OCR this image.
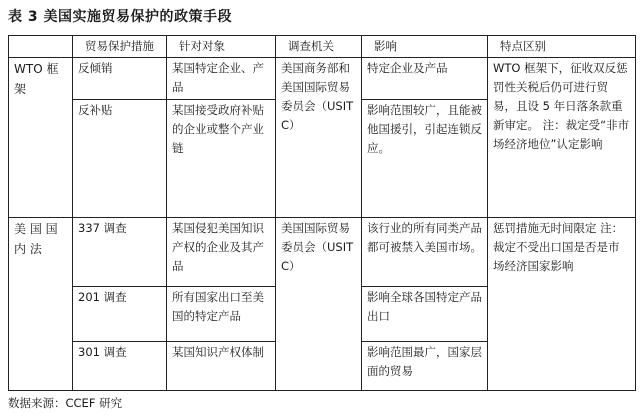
表 3 美国实施贸易保护的政策手段
	贸易保护措施	针对对象	调查机关	影响	特点区别
WTO 框架	反倾销	某国特定企业、产品	美国商务部和美国国际贸易委员会（USITC）	特定企业及产品	WTO 框架下，征收双反惩罚性关税后仍可进行贸易，且设 5 年日落条款重新审定。 注：裁定受“非市场经济地位”认定影响
	反补贴	某国接受政府补贴的企业或整个产业链		影响范围较广，且能被他国援引，引起连锁反应。	
美 国 国 内 法	337 调查	某国侵犯美国知识产权的企业及其产品	美国国际贸易委员会（USITC）	该行业的所有同类产品都可被禁入美国市场。	惩罚措施无时间限定 注：裁定不受出口国是否是市场经济国家影响
	201 调查	所有国家出口至美国的特定产品		影响全球各国特定产品出口	
	301 调查	某国知识产权体制		影响范围最广，国家层面的贸易	
数据来源：CCEF 研究
